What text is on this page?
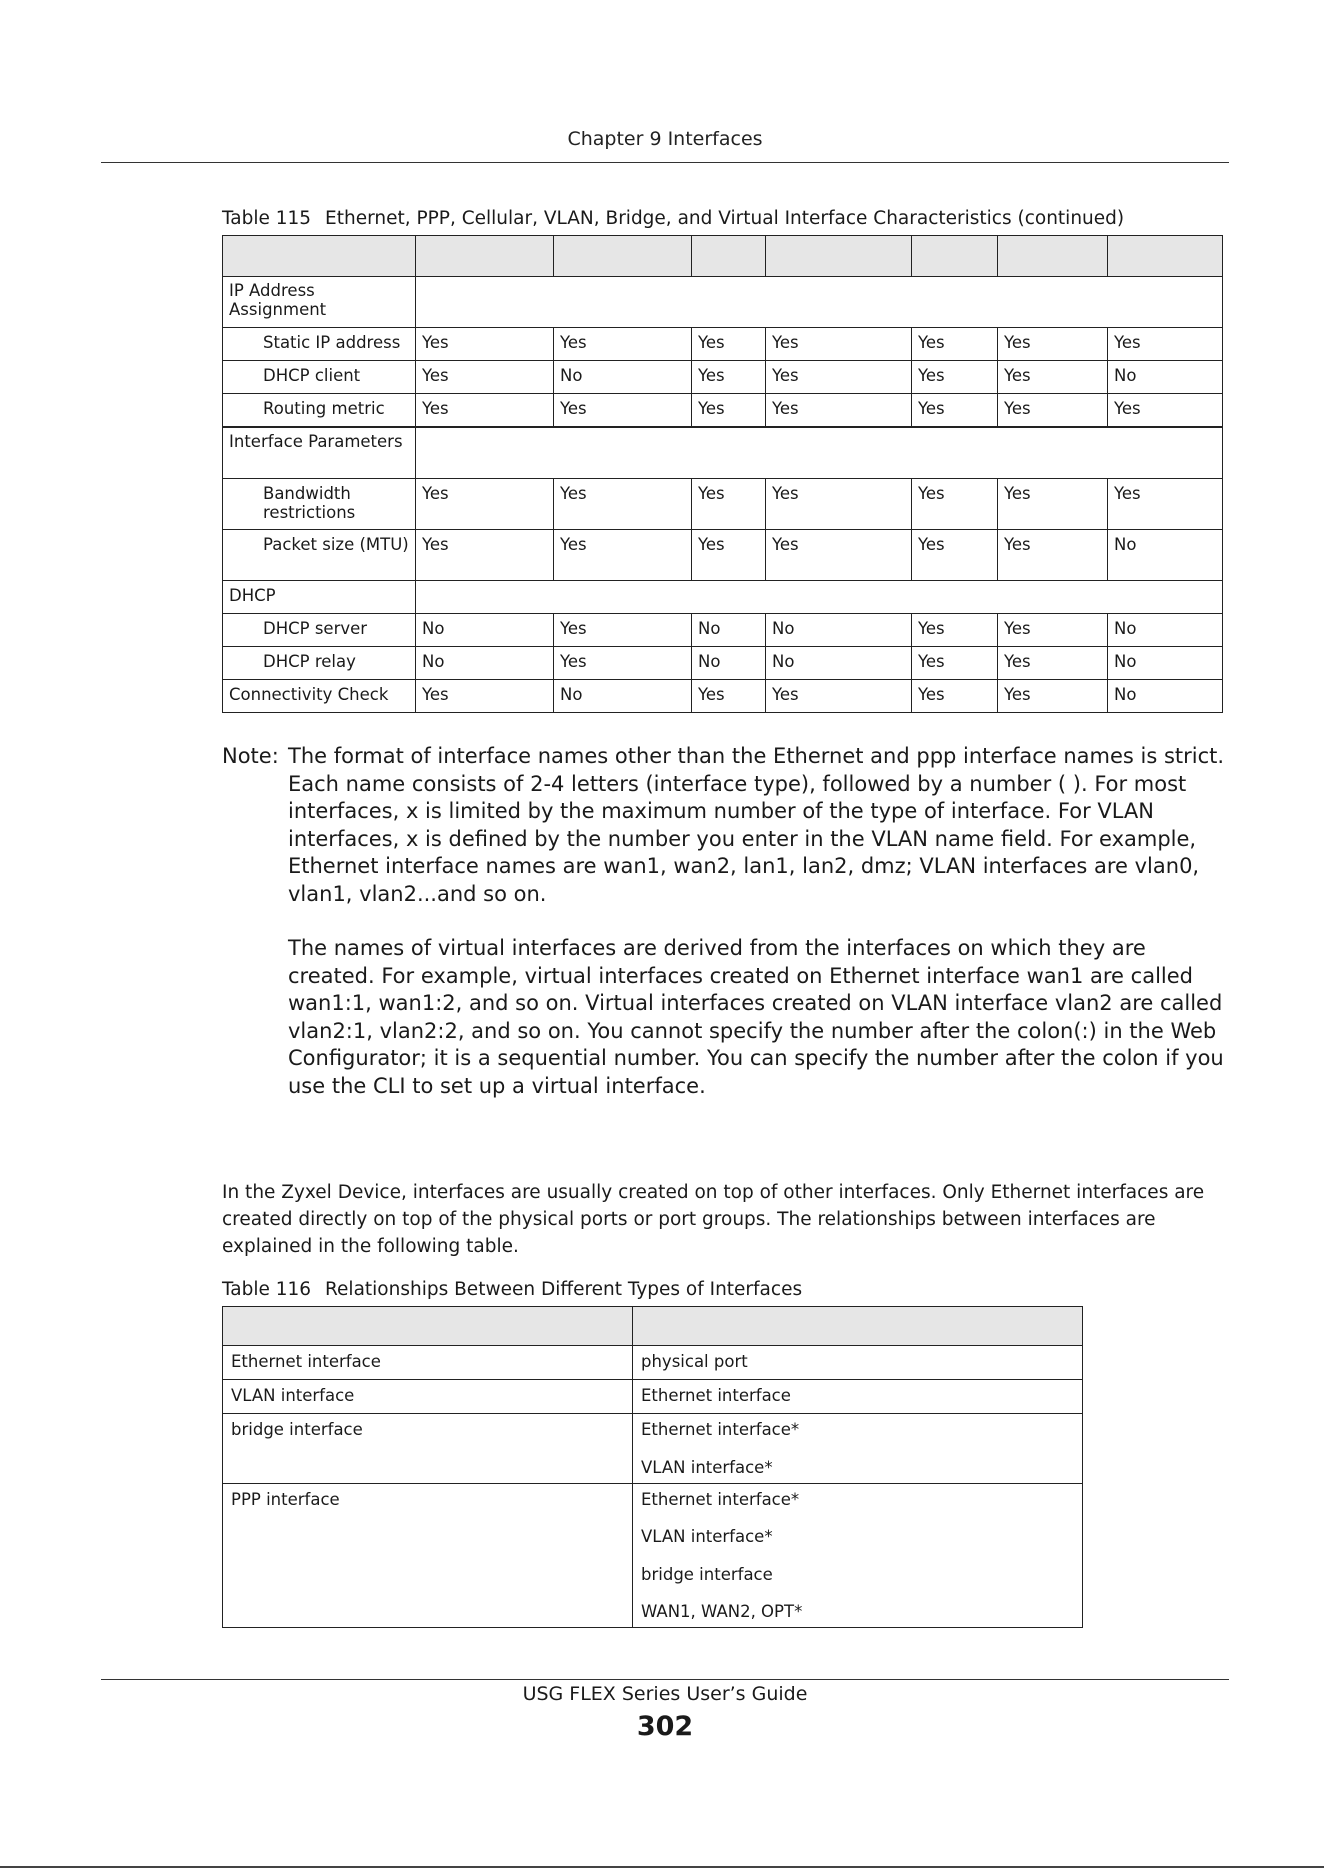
Chapter 9 Interfaces
Table 115 Ethernet, PPP, Cellular, VLAN, Bridge, and Virtual Interface Characteristics (continued)

IP Address Assignment							
Static IP address	Yes	Yes	Yes	Yes	Yes	Yes	Yes
DHCP client	Yes	No	Yes	Yes	Yes	Yes	No
Routing metric	Yes	Yes	Yes	Yes	Yes	Yes	Yes
Interface Parameters							
Bandwidth restrictions	Yes	Yes	Yes	Yes	Yes	Yes	Yes
Packet size (MTU)	Yes	Yes	Yes	Yes	Yes	Yes	No
DHCP							
DHCP server	No	Yes	No	No	Yes	Yes	No
DHCP relay	No	Yes	No	No	Yes	Yes	No
Connectivity Check	Yes	No	Yes	Yes	Yes	Yes	No
Note: The format of interface names other than the Ethernet and ppp interface names is strict. Each name consists of 2-4 letters (interface type), followed by a number ( ). For most interfaces, x is limited by the maximum number of the type of interface. For VLAN interfaces, x is defined by the number you enter in the VLAN name field. For example, Ethernet interface names are wan1, wan2, lan1, lan2, dmz; VLAN interfaces are vlan0, vlan1, vlan2...and so on.

The names of virtual interfaces are derived from the interfaces on which they are created. For example, virtual interfaces created on Ethernet interface wan1 are called wan1:1, wan1:2, and so on. Virtual interfaces created on VLAN interface vlan2 are called vlan2:1, vlan2:2, and so on. You cannot specify the number after the colon(:) in the Web Configurator; it is a sequential number. You can specify the number after the colon if you use the CLI to set up a virtual interface.

In the Zyxel Device, interfaces are usually created on top of other interfaces. Only Ethernet interfaces are created directly on top of the physical ports or port groups. The relationships between interfaces are explained in the following table.

Table 116 Relationships Between Different Types of Interfaces

Ethernet interface	physical port
VLAN interface	Ethernet interface
bridge interface	Ethernet interface*
VLAN interface*

PPP interface	Ethernet interface*
VLAN interface*
bridge interface
WAN1, WAN2, OPT*
USG FLEX Series User’s Guide
302
